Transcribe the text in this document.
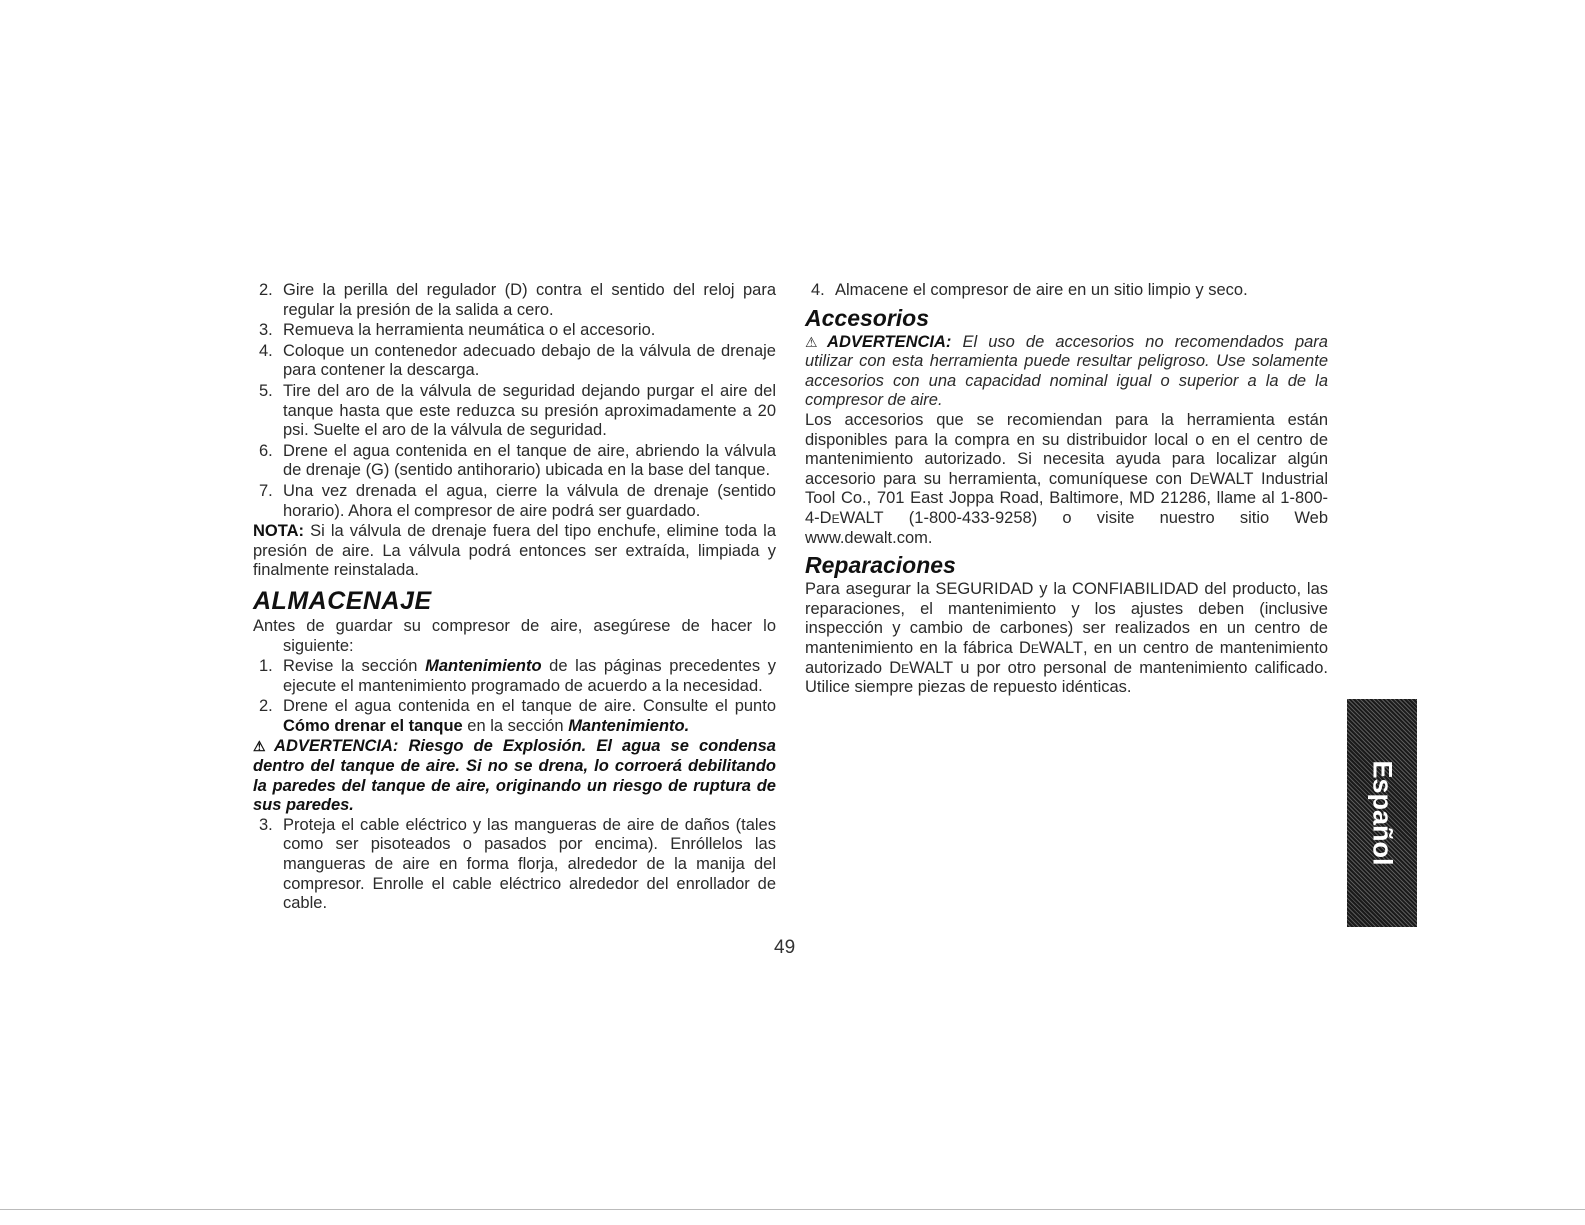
2. Gire la perilla del regulador (D) contra el sentido del reloj para regular la presión de la salida a cero.
3. Remueva la herramienta neumática o el accesorio.
4. Coloque un contenedor adecuado debajo de la válvula de drenaje para contener la descarga.
5. Tire del aro de la válvula de seguridad dejando purgar el aire del tanque hasta que este reduzca su presión aproximadamente a 20 psi. Suelte el aro de la válvula de seguridad.
6. Drene el agua contenida en el tanque de aire, abriendo la válvula de drenaje (G) (sentido antihorario) ubicada en la base del tanque.
7. Una vez drenada el agua, cierre la válvula de drenaje (sentido horario). Ahora el compresor de aire podrá ser guardado.

NOTA: Si la válvula de drenaje fuera del tipo enchufe, elimine toda la presión de aire. La válvula podrá entonces ser extraída, limpiada y finalmente reinstalada.

ALMACENAJE
Antes de guardar su compresor de aire, asegúrese de hacer lo siguiente:
1. Revise la sección Mantenimiento de las páginas precedentes y ejecute el mantenimiento programado de acuerdo a la necesidad.
2. Drene el agua contenida en el tanque de aire. Consulte el punto Cómo drenar el tanque en la sección Mantenimiento.

⚠ ADVERTENCIA: Riesgo de Explosión. El agua se condensa dentro del tanque de aire. Si no se drena, lo corroerá debilitando la paredes del tanque de aire, originando un riesgo de ruptura de sus paredes.

3. Proteja el cable eléctrico y las mangueras de aire de daños (tales como ser pisoteados o pasados por encima). Enróllelos las mangueras de aire en forma florja, alrededor de la manija del compresor. Enrolle el cable eléctrico alrededor del enrollador de cable.
4. Almacene el compresor de aire en un sitio limpio y seco.
Accesorios

⚠ ADVERTENCIA: El uso de accesorios no recomendados para utilizar con esta herramienta puede resultar peligroso. Use solamente accesorios con una capacidad nominal igual o superior a la de la compresor de aire.

Los accesorios que se recomiendan para la herramienta están disponibles para la compra en su distribuidor local o en el centro de mantenimiento autorizado. Si necesita ayuda para localizar algún accesorio para su herramienta, comuníquese con DeWALT Industrial Tool Co., 701 East Joppa Road, Baltimore, MD 21286, llame al 1-800-4-DeWALT (1-800-433-9258) o visite nuestro sitio Web www.dewalt.com.

Reparaciones

Para asegurar la SEGURIDAD y la CONFIABILIDAD del producto, las reparaciones, el mantenimiento y los ajustes deben (inclusive inspección y cambio de carbones) ser realizados en un centro de mantenimiento en la fábrica DeWALT, en un centro de mantenimiento autorizado DeWALT u por otro personal de mantenimiento calificado. Utilice siempre piezas de repuesto idénticas.

49
Español
